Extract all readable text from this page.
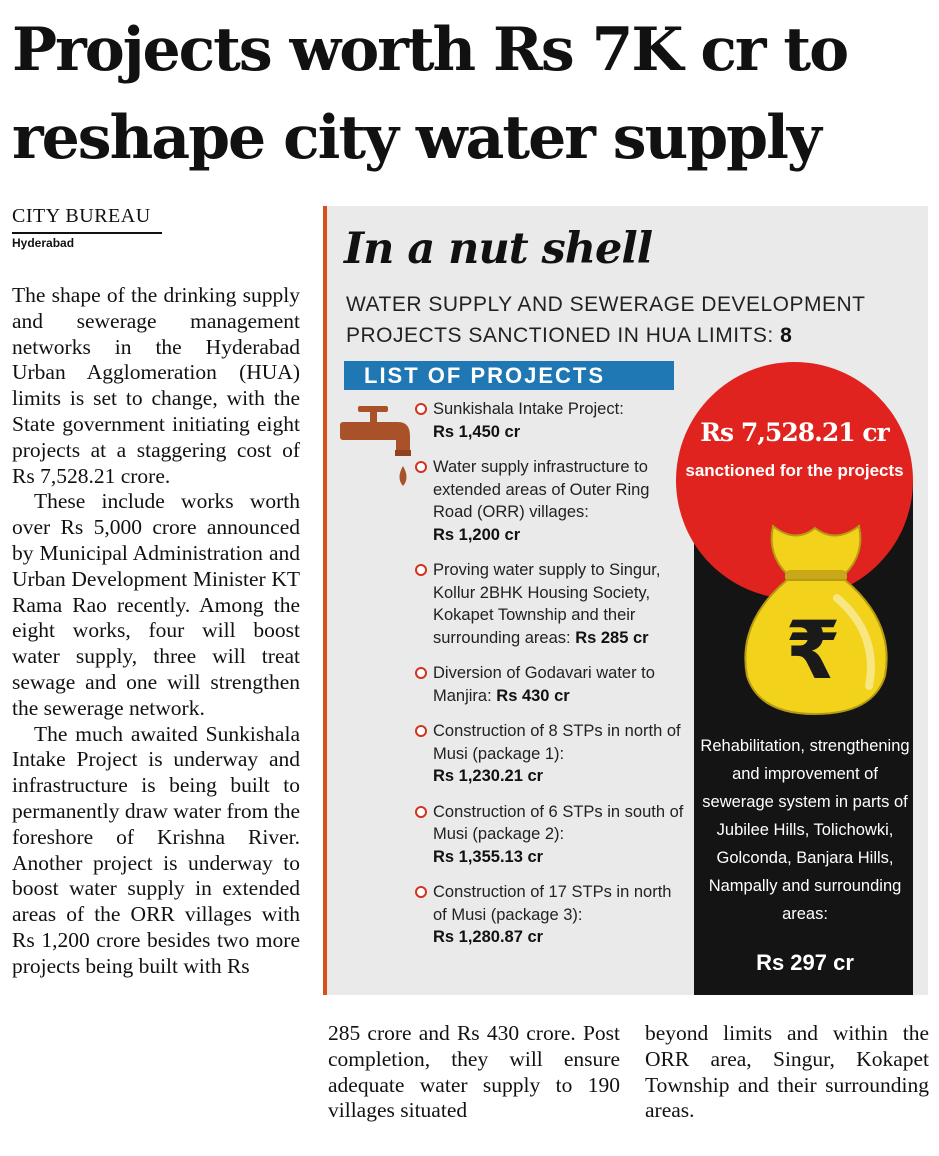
Projects worth Rs 7K cr to
reshape city water supply
CITY BUREAU
Hyderabad

The shape of the drinking supply and sewerage management networks in the Hyderabad Urban Agglomeration (HUA) limits is set to change, with the State government initiating eight projects at a staggering cost of Rs 7,528.21 crore.

These include works worth over Rs 5,000 crore announced by Municipal Administration and Urban Development Minister KT Rama Rao recently. Among the eight works, four will boost water supply, three will treat sewage and one will strengthen the sewerage network.

The much awaited Sunkishala Intake Project is underway and infrastructure is being built to permanently draw water from the foreshore of Krishna River. Another project is underway to boost water supply in extended areas of the ORR villages with Rs 1,200 crore besides two more projects being built with Rs

In a nut shell
WATER SUPPLY AND SEWERAGE DEVELOPMENT PROJECTS SANCTIONED IN HUA LIMITS: 8
LIST OF PROJECTS
Sunkishala Intake Project:
Rs 1,450 cr
Water supply infrastructure to extended areas of Outer Ring Road (ORR) villages:
Rs 1,200 cr
Proving water supply to Singur, Kollur 2BHK Housing Society, Kokapet Township and their surrounding areas: Rs 285 cr
Diversion of Godavari water to Manjira: Rs 430 cr
Construction of 8 STPs in north of Musi (package 1):
Rs 1,230.21 cr
Construction of 6 STPs in south of Musi (package 2):
Rs 1,355.13 cr
Construction of 17 STPs in north of Musi (package 3):
Rs 1,280.87 cr
Rs 7,528.21 cr
sanctioned for the projects
₹
Rehabilitation, strengthening and improvement of sewerage system in parts of Jubilee Hills, Tolichowki, Golconda, Banjara Hills, Nampally and surrounding areas:
Rs 297 cr
285 crore and Rs 430 crore. Post completion, they will ensure adequate water supply to 190 villages situated
beyond limits and within the ORR area, Singur, Kokapet Township and their surrounding areas.
